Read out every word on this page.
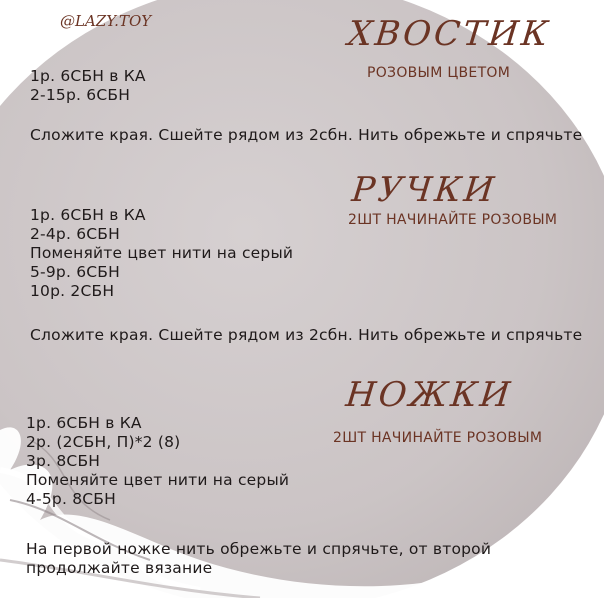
@LAZY.TOY	ХВОСТИК
РОЗОВЫМ ЦВЕТОМ
1р. 6СБН в КА
2-15р. 6СБН
Сложите края. Сшейте рядом из 2сбн. Нить обрежьте и спрячьте
РУЧКИ
2ШТ НАЧИНАЙТЕ РОЗОВЫМ
1р. 6СБН в КА
2-4р. 6СБН
Поменяйте цвет нити на серый
5-9р. 6СБН
10р. 2СБН
Сложите края. Сшейте рядом из 2сбн. Нить обрежьте и спрячьте
НОЖКИ
2ШТ НАЧИНАЙТЕ РОЗОВЫМ
1р. 6СБН в КА
2р. (2СБН, П)*2 (8)
3р. 8СБН
Поменяйте цвет нити на серый
4-5р. 8СБН
На первой ножке нить обрежьте и спрячьте, от второй продолжайте вязание
